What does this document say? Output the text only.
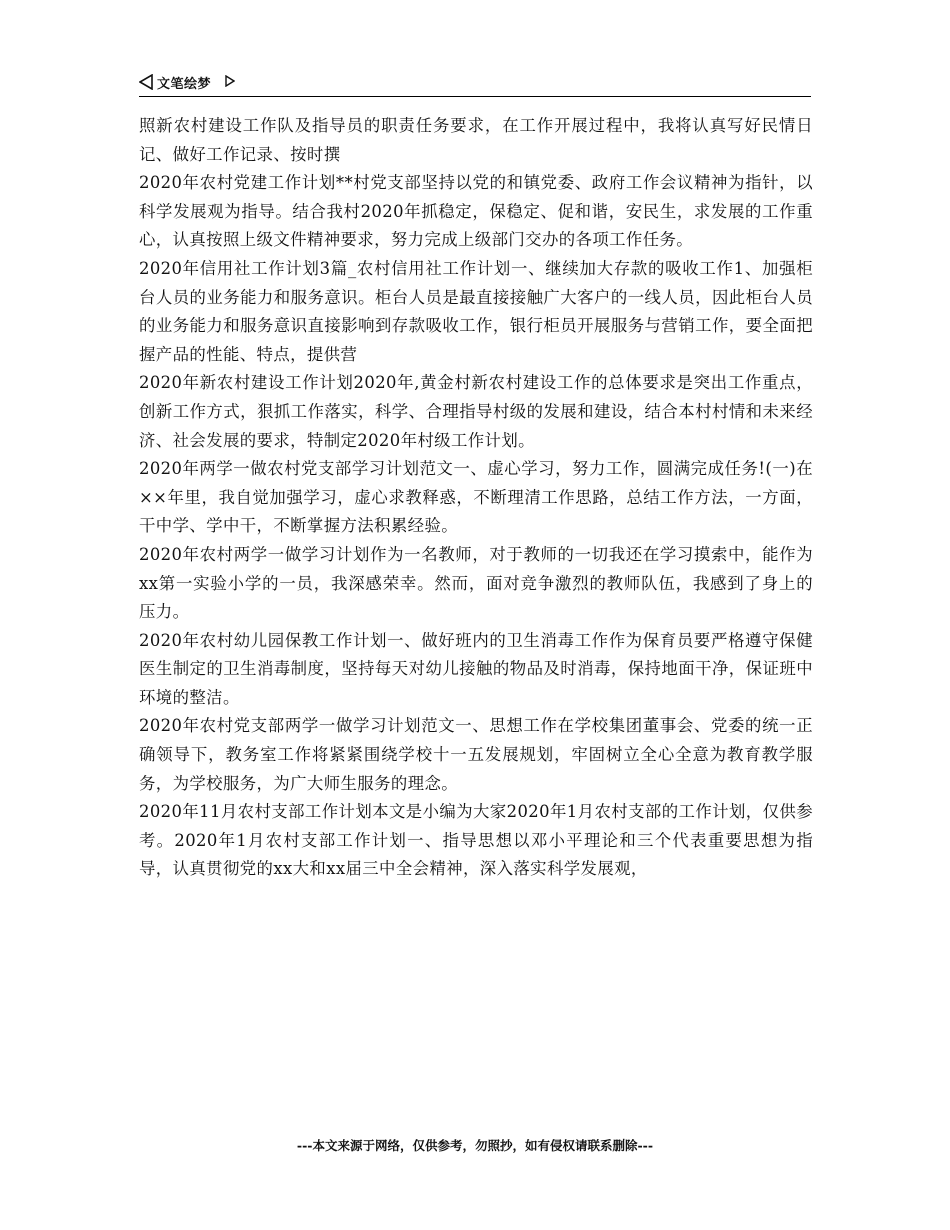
文笔绘梦

照新农村建设工作队及指导员的职责任务要求，在工作开展过程中，我将认真写好民情日记、做好工作记录、按时撰

2020年农村党建工作计划**村党支部坚持以党的和镇党委、政府工作会议精神为指针，以科学发展观为指导。结合我村2020年抓稳定，保稳定、促和谐，安民生，求发展的工作重心，认真按照上级文件精神要求，努力完成上级部门交办的各项工作任务。

2020年信用社工作计划3篇_农村信用社工作计划一、继续加大存款的吸收工作1、加强柜台人员的业务能力和服务意识。柜台人员是最直接接触广大客户的一线人员，因此柜台人员的业务能力和服务意识直接影响到存款吸收工作，银行柜员开展服务与营销工作，要全面把握产品的性能、特点，提供营

2020年新农村建设工作计划2020年,黄金村新农村建设工作的总体要求是突出工作重点，创新工作方式，狠抓工作落实，科学、合理指导村级的发展和建设，结合本村村情和未来经济、社会发展的要求，特制定2020年村级工作计划。

2020年两学一做农村党支部学习计划范文一、虚心学习，努力工作，圆满完成任务!(一)在××年里，我自觉加强学习，虚心求教释惑，不断理清工作思路，总结工作方法，一方面，干中学、学中干，不断掌握方法积累经验。

2020年农村两学一做学习计划作为一名教师，对于教师的一切我还在学习摸索中，能作为xx第一实验小学的一员，我深感荣幸。然而，面对竞争激烈的教师队伍，我感到了身上的压力。

2020年农村幼儿园保教工作计划一、做好班内的卫生消毒工作作为保育员要严格遵守保健医生制定的卫生消毒制度，坚持每天对幼儿接触的物品及时消毒，保持地面干净，保证班中环境的整洁。

2020年农村党支部两学一做学习计划范文一、思想工作在学校集团董事会、党委的统一正确领导下，教务室工作将紧紧围绕学校十一五发展规划，牢固树立全心全意为教育教学服务，为学校服务，为广大师生服务的理念。

2020年11月农村支部工作计划本文是小编为大家2020年1月农村支部的工作计划，仅供参考。2020年1月农村支部工作计划一、指导思想以邓小平理论和三个代表重要思想为指导，认真贯彻党的xx大和xx届三中全会精神，深入落实科学发展观，

---本文来源于网络，仅供参考，勿照抄，如有侵权请联系删除---
